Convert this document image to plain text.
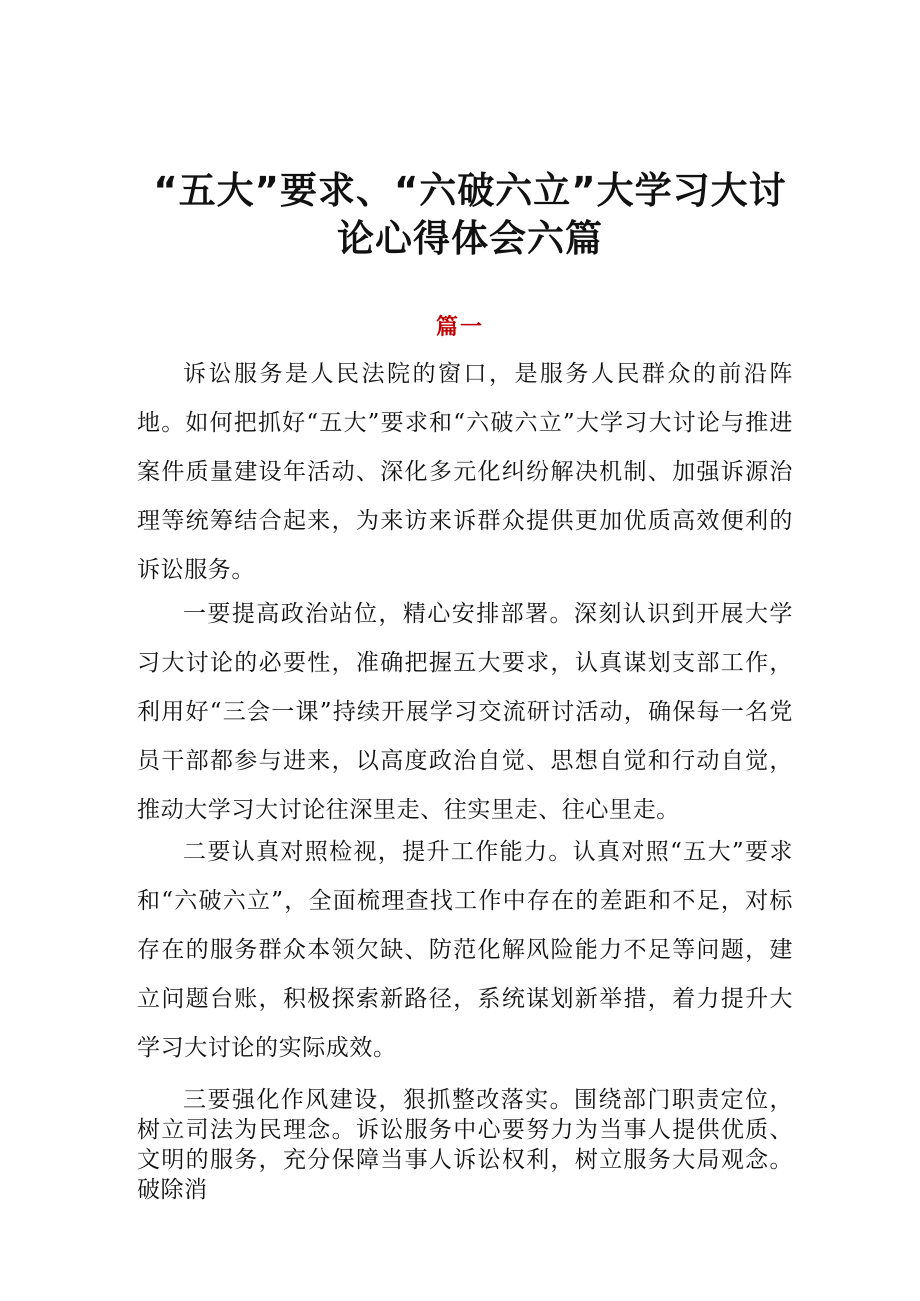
“五大”要求、“六破六立”大学习大讨
论心得体会六篇
篇一

诉讼服务是人民法院的窗口，是服务人民群众的前沿阵地。如何把抓好“五大”要求和“六破六立”大学习大讨论与推进案件质量建设年活动、深化多元化纠纷解决机制、加强诉源治理等统筹结合起来，为来访来诉群众提供更加优质高效便利的诉讼服务。

一要提高政治站位，精心安排部署。深刻认识到开展大学习大讨论的必要性，准确把握五大要求，认真谋划支部工作，利用好“三会一课”持续开展学习交流研讨活动，确保每一名党员干部都参与进来，以高度政治自觉、思想自觉和行动自觉，推动大学习大讨论往深里走、往实里走、往心里走。

二要认真对照检视，提升工作能力。认真对照“五大”要求和“六破六立”，全面梳理查找工作中存在的差距和不足，对标存在的服务群众本领欠缺、防范化解风险能力不足等问题，建立问题台账，积极探索新路径，系统谋划新举措，着力提升大学习大讨论的实际成效。

三要强化作风建设，狠抓整改落实。围绕部门职责定位，树立司法为民理念。诉讼服务中心要努力为当事人提供优质、文明的服务，充分保障当事人诉讼权利，树立服务大局观念。破除消
